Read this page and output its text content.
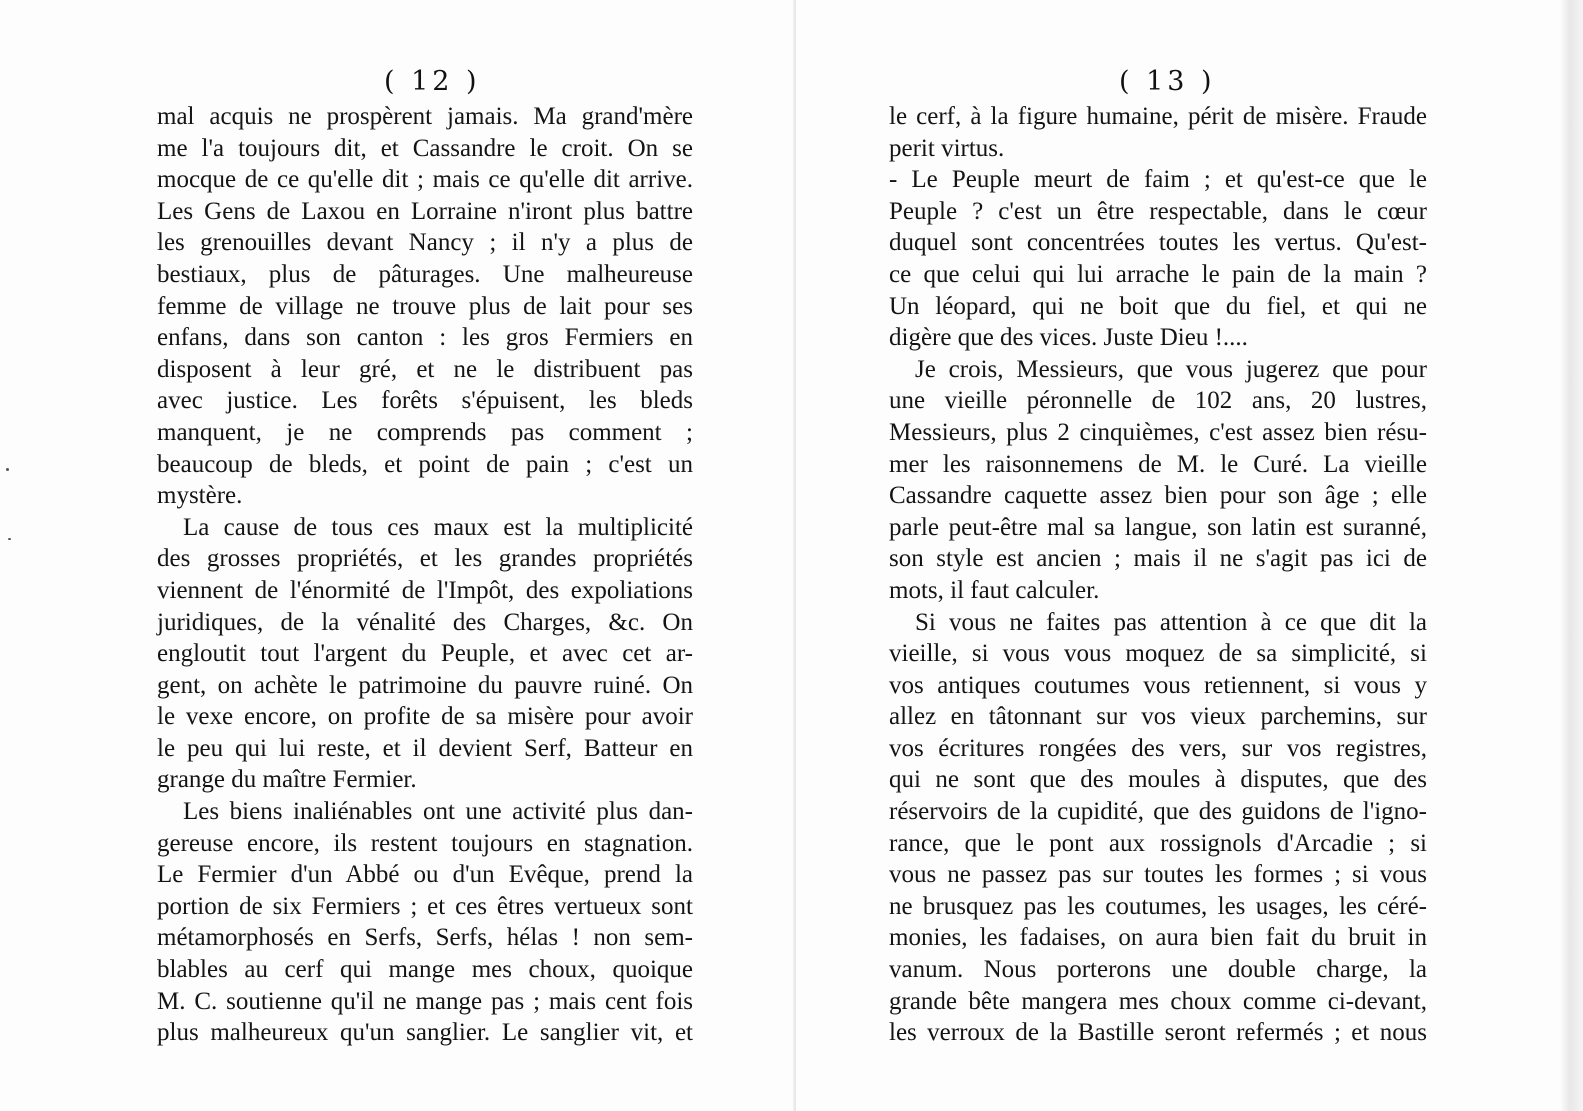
( 12 )
mal acquis ne prospèrent jamais. Ma grand'mère
me l'a toujours dit, et Cassandre le croit. On se
mocque de ce qu'elle dit ; mais ce qu'elle dit arrive.
Les Gens de Laxou en Lorraine n'iront plus battre
les grenouilles devant Nancy ; il n'y a plus de
bestiaux, plus de pâturages. Une malheureuse
femme de village ne trouve plus de lait pour ses
enfans, dans son canton : les gros Fermiers en
disposent à leur gré, et ne le distribuent pas
avec justice. Les forêts s'épuisent, les bleds
manquent, je ne comprends pas comment ;
beaucoup de bleds, et point de pain ; c'est un
mystère.
La cause de tous ces maux est la multiplicité
des grosses propriétés, et les grandes propriétés
viennent de l'énormité de l'Impôt, des expoliations
juridiques, de la vénalité des Charges, &c. On
engloutit tout l'argent du Peuple, et avec cet ar-
gent, on achète le patrimoine du pauvre ruiné. On
le vexe encore, on profite de sa misère pour avoir
le peu qui lui reste, et il devient Serf, Batteur en
grange du maître Fermier.
Les biens inaliénables ont une activité plus dan-
gereuse encore, ils restent toujours en stagnation.
Le Fermier d'un Abbé ou d'un Evêque, prend la
portion de six Fermiers ; et ces êtres vertueux sont
métamorphosés en Serfs, Serfs, hélas ! non sem-
blables au cerf qui mange mes choux, quoique
M. C. soutienne qu'il ne mange pas ; mais cent fois
plus malheureux qu'un sanglier. Le sanglier vit, et
( 13 )
le cerf, à la figure humaine, périt de misère. Fraude
perit virtus.
- Le Peuple meurt de faim ; et qu'est-ce que le
Peuple ? c'est un être respectable, dans le cœur
duquel sont concentrées toutes les vertus. Qu'est-
ce que celui qui lui arrache le pain de la main ?
Un léopard, qui ne boit que du fiel, et qui ne
digère que des vices. Juste Dieu !....
Je crois, Messieurs, que vous jugerez que pour
une vieille péronnelle de 102 ans, 20 lustres,
Messieurs, plus 2 cinquièmes, c'est assez bien résu-
mer les raisonnemens de M. le Curé. La vieille
Cassandre caquette assez bien pour son âge ; elle
parle peut-être mal sa langue, son latin est suranné,
son style est ancien ; mais il ne s'agit pas ici de
mots, il faut calculer.
Si vous ne faites pas attention à ce que dit la
vieille, si vous vous moquez de sa simplicité, si
vos antiques coutumes vous retiennent, si vous y
allez en tâtonnant sur vos vieux parchemins, sur
vos écritures rongées des vers, sur vos registres,
qui ne sont que des moules à disputes, que des
réservoirs de la cupidité, que des guidons de l'igno-
rance, que le pont aux rossignols d'Arcadie ; si
vous ne passez pas sur toutes les formes ; si vous
ne brusquez pas les coutumes, les usages, les céré-
monies, les fadaises, on aura bien fait du bruit in
vanum. Nous porterons une double charge, la
grande bête mangera mes choux comme ci-devant,
les verroux de la Bastille seront refermés ; et nous
